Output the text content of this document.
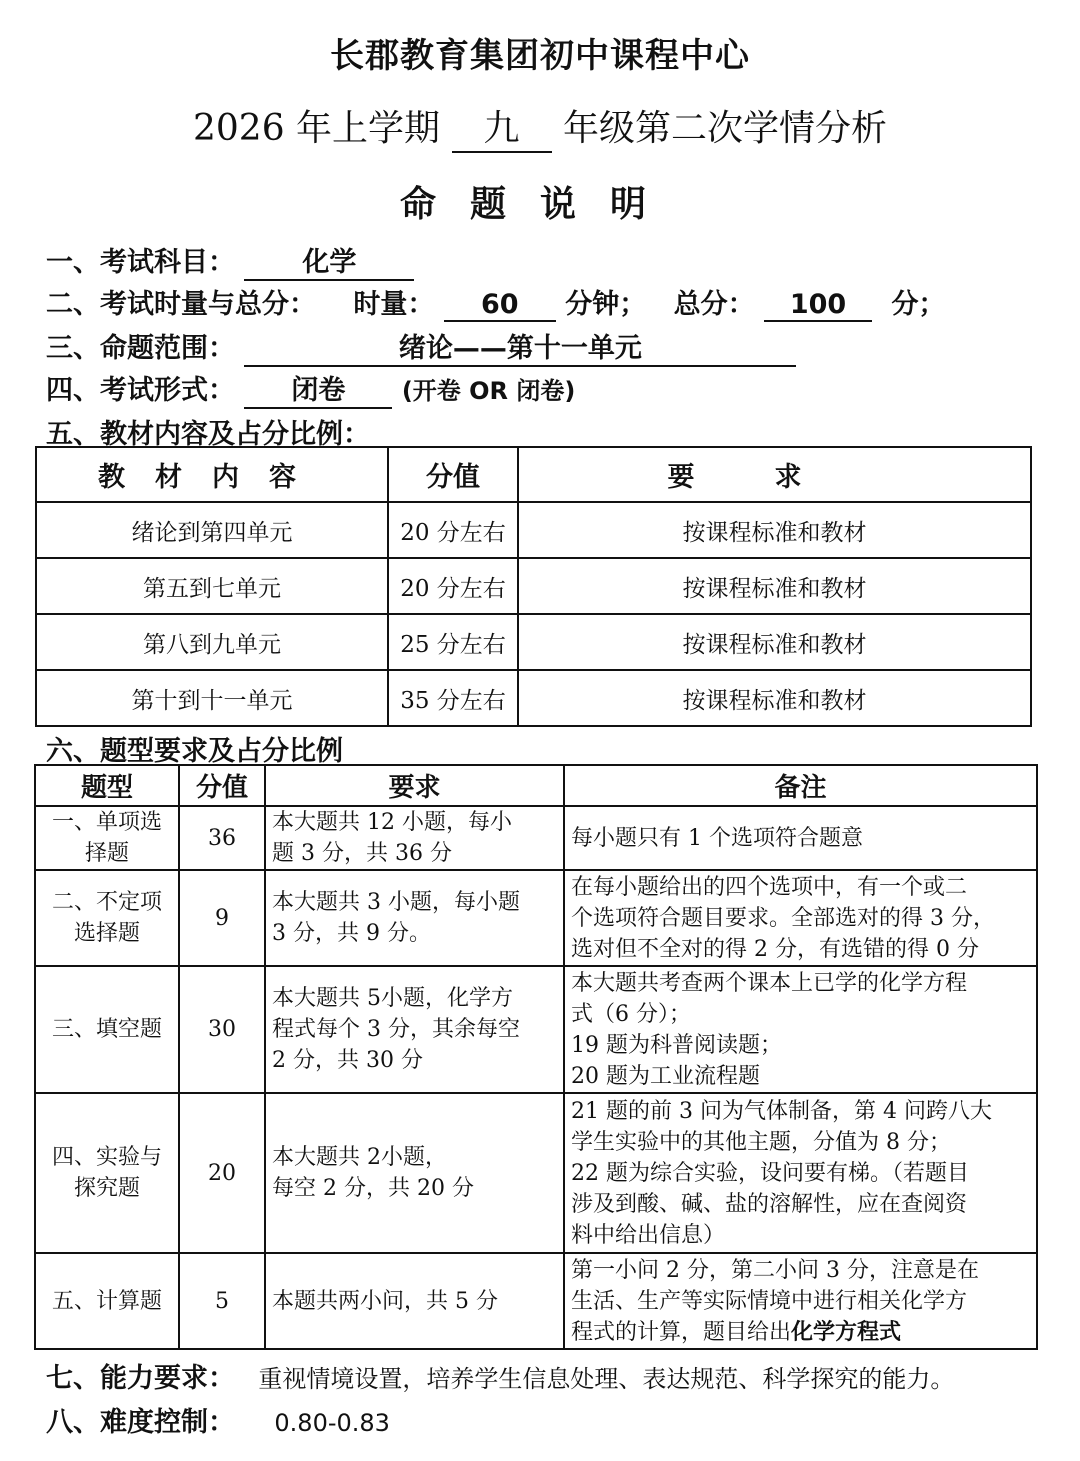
长郡教育集团初中课程中心
2026 年上学期 九 年级第二次学情分析
命题说明
一、考试科目： 化学
二、考试时量与总分： 时量： 60 分钟； 总分： 100 分；
三、命题范围：	绪论——第十一单元
四、考试形式： 闭卷 (开卷 OR 闭卷)
五、教材内容及占分比例：
教材内容	分值	要求
绪论到第四单元	20 分左右	按课程标准和教材
第五到七单元	20 分左右	按课程标准和教材
第八到九单元	25 分左右	按课程标准和教材
第十到十一单元	35 分左右	按课程标准和教材
六、题型要求及占分比例
题型	分值	要求	备注

一、单项选
择题	36	本大题共 12 小题，每小
题 3 分，共 36 分	每小题只有 1 个选项符合题意

二、不定项
选择题	9	本大题共 3 小题，每小题
3 分，共 9 分。	在每小题给出的四个选项中，有一个或二
个选项符合题目要求。全部选对的得 3 分，
选对但不全对的得 2 分，有选错的得 0 分

三、填空题	30	本大题共 5小题，化学方
程式每个 3 分，其余每空
2 分，共 30 分	本大题共考查两个课本上已学的化学方程
式（6 分）；
19 题为科普阅读题；
20 题为工业流程题

四、实验与
探究题	20	本大题共 2小题，
每空 2 分，共 20 分	21 题的前 3 问为气体制备，第 4 问跨八大
学生实验中的其他主题，分值为 8 分；
22 题为综合实验，设问要有梯。（若题目
涉及到酸、碱、盐的溶解性，应在查阅资
料中给出信息）

五、计算题	5	本题共两小问，共 5 分	第一小问 2 分，第二小问 3 分，注意是在
生活、生产等实际情境中进行相关化学方
程式的计算，题目给出化学方程式
七、能力要求： 重视情境设置，培养学生信息处理、表达规范、科学探究的能力。
八、难度控制： 0.80-0.83
